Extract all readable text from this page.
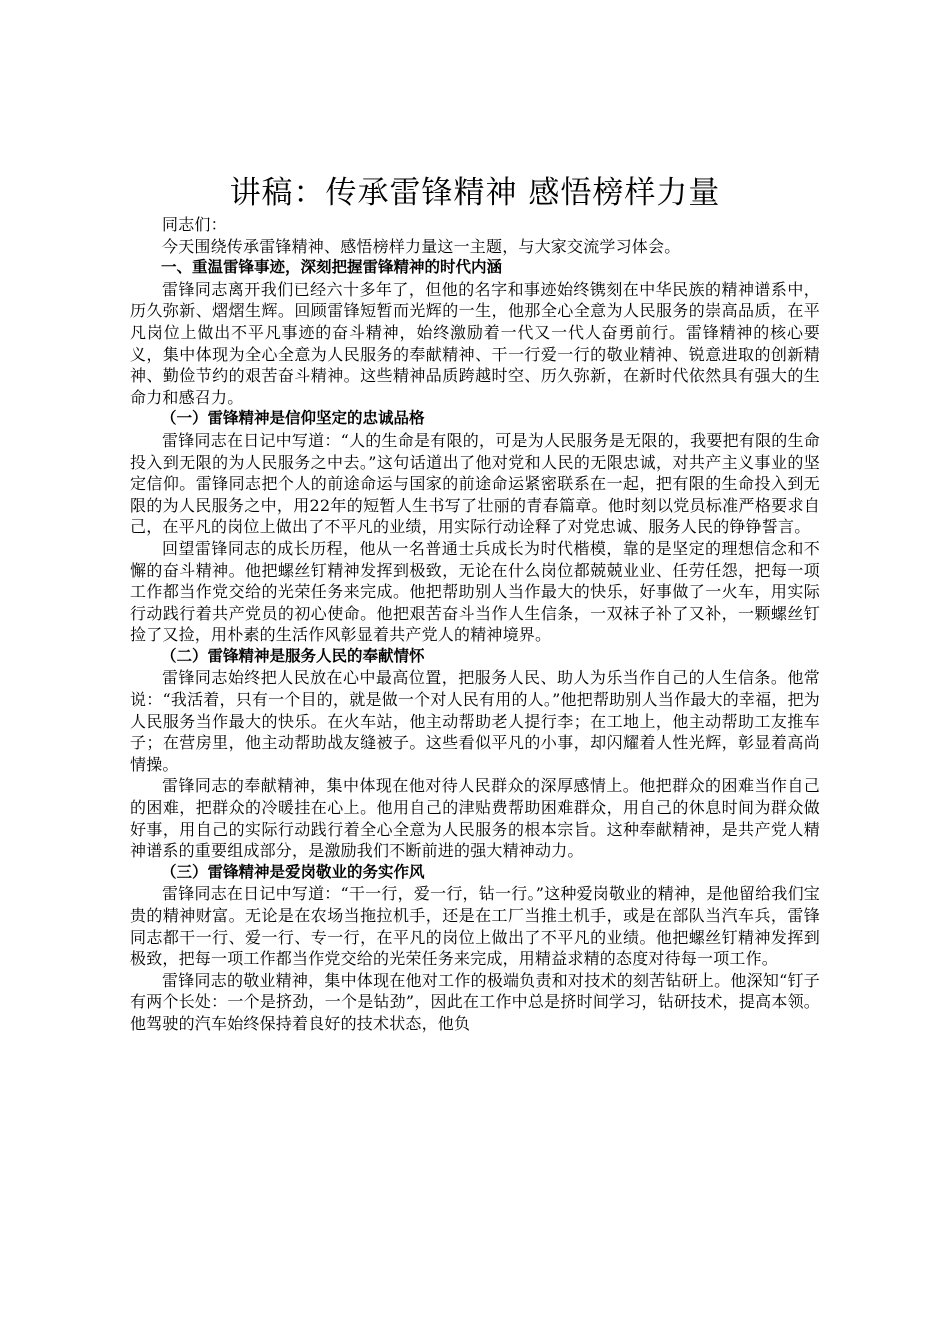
讲稿：传承雷锋精神 感悟榜样力量

同志们：

今天围绕传承雷锋精神、感悟榜样力量这一主题，与大家交流学习体会。

一、重温雷锋事迹，深刻把握雷锋精神的时代内涵

雷锋同志离开我们已经六十多年了，但他的名字和事迹始终镌刻在中华民族的精神谱系中，历久弥新、熠熠生辉。回顾雷锋短暂而光辉的一生，他那全心全意为人民服务的崇高品质，在平凡岗位上做出不平凡事迹的奋斗精神，始终激励着一代又一代人奋勇前行。雷锋精神的核心要义，集中体现为全心全意为人民服务的奉献精神、干一行爱一行的敬业精神、锐意进取的创新精神、勤俭节约的艰苦奋斗精神。这些精神品质跨越时空、历久弥新，在新时代依然具有强大的生命力和感召力。

（一）雷锋精神是信仰坚定的忠诚品格

雷锋同志在日记中写道：“人的生命是有限的，可是为人民服务是无限的，我要把有限的生命投入到无限的为人民服务之中去。”这句话道出了他对党和人民的无限忠诚，对共产主义事业的坚定信仰。雷锋同志把个人的前途命运与国家的前途命运紧密联系在一起，把有限的生命投入到无限的为人民服务之中，用22年的短暂人生书写了壮丽的青春篇章。他时刻以党员标准严格要求自己，在平凡的岗位上做出了不平凡的业绩，用实际行动诠释了对党忠诚、服务人民的铮铮誓言。

回望雷锋同志的成长历程，他从一名普通士兵成长为时代楷模，靠的是坚定的理想信念和不懈的奋斗精神。他把螺丝钉精神发挥到极致，无论在什么岗位都兢兢业业、任劳任怨，把每一项工作都当作党交给的光荣任务来完成。他把帮助别人当作最大的快乐，好事做了一火车，用实际行动践行着共产党员的初心使命。他把艰苦奋斗当作人生信条，一双袜子补了又补，一颗螺丝钉捡了又捡，用朴素的生活作风彰显着共产党人的精神境界。

（二）雷锋精神是服务人民的奉献情怀

雷锋同志始终把人民放在心中最高位置，把服务人民、助人为乐当作自己的人生信条。他常说：“我活着，只有一个目的，就是做一个对人民有用的人。”他把帮助别人当作最大的幸福，把为人民服务当作最大的快乐。在火车站，他主动帮助老人提行李；在工地上，他主动帮助工友推车子；在营房里，他主动帮助战友缝被子。这些看似平凡的小事，却闪耀着人性光辉，彰显着高尚情操。

雷锋同志的奉献精神，集中体现在他对待人民群众的深厚感情上。他把群众的困难当作自己的困难，把群众的冷暖挂在心上。他用自己的津贴费帮助困难群众，用自己的休息时间为群众做好事，用自己的实际行动践行着全心全意为人民服务的根本宗旨。这种奉献精神，是共产党人精神谱系的重要组成部分，是激励我们不断前进的强大精神动力。

（三）雷锋精神是爱岗敬业的务实作风

雷锋同志在日记中写道：“干一行，爱一行，钻一行。”这种爱岗敬业的精神，是他留给我们宝贵的精神财富。无论是在农场当拖拉机手，还是在工厂当推土机手，或是在部队当汽车兵，雷锋同志都干一行、爱一行、专一行，在平凡的岗位上做出了不平凡的业绩。他把螺丝钉精神发挥到极致，把每一项工作都当作党交给的光荣任务来完成，用精益求精的态度对待每一项工作。

雷锋同志的敬业精神，集中体现在他对工作的极端负责和对技术的刻苦钻研上。他深知“钉子有两个长处：一个是挤劲，一个是钻劲”，因此在工作中总是挤时间学习，钻研技术，提高本领。他驾驶的汽车始终保持着良好的技术状态，他负
